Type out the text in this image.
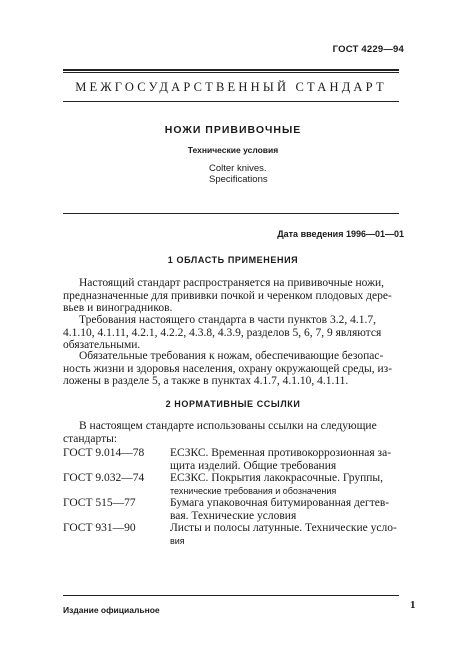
ГОСТ 4229—94
МЕЖГОСУДАРСТВЕННЫЙ СТАНДАРТ
НОЖИ ПРИВИВОЧНЫЕ
Технические условия
Colter knives.
Specifications
Дата введения 1996—01—01
1 ОБЛАСТЬ ПРИМЕНЕНИЯ
Настоящий стандарт распространяется на прививочные ножи,
предназначенные для прививки почкой и черенком плодовых дере-
вьев и виноградников.
Требования настоящего стандарта в части пунктов 3.2, 4.1.7,
4.1.10, 4.1.11, 4.2.1, 4.2.2, 4.3.8, 4.3.9, разделов 5, 6, 7, 9 являются
обязательными.
Обязательные требования к ножам, обеспечивающие безопас-
ность жизни и здоровья населения, охрану окружающей среды, из-
ложены в разделе 5, а также в пунктах 4.1.7, 4.1.10, 4.1.11.
2 НОРМАТИВНЫЕ ССЫЛКИ
В настоящем стандарте использованы ссылки на следующие
стандарты:
ГОСТ 9.014—78 ЕСЗКС. Временная противокоррозионная за-
щита изделий. Общие требования
ГОСТ 9.032—74 ЕСЗКС. Покрытия лакокрасочные. Группы,
технические требования и обозначения
ГОСТ 515—77	Бумага упаковочная битумированная дегтев-
вая. Технические условия
ГОСТ 931—90	Листы и полосы латунные. Технические усло-
вия
Издание официальное	1
